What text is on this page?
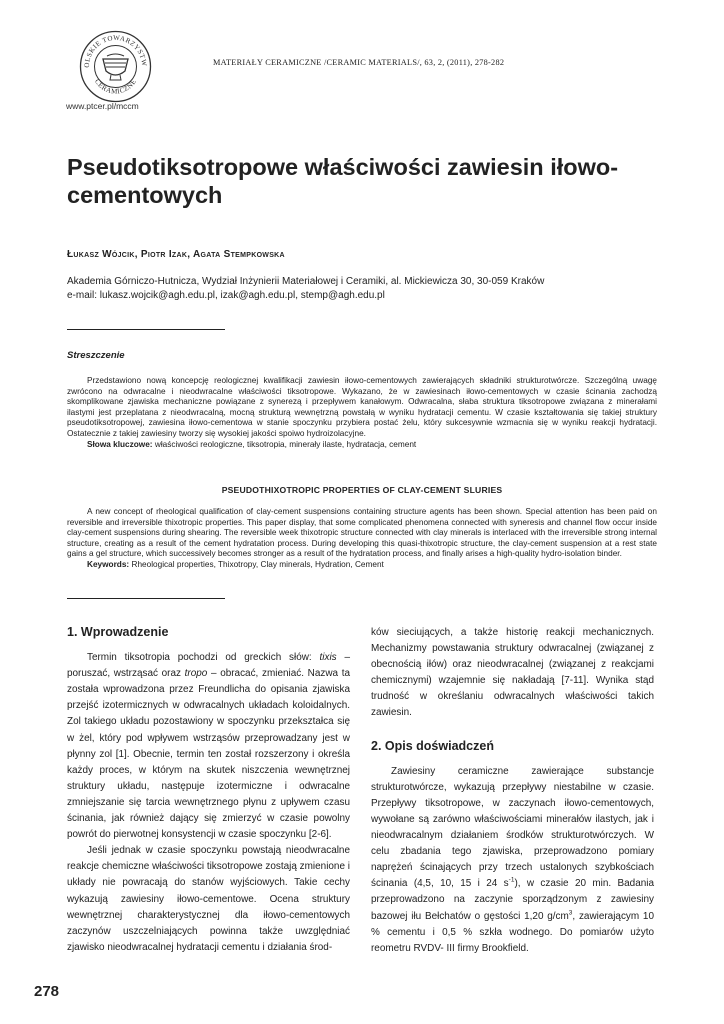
OLSKIE TOWARZYSTW
CERAMICZNE
www.ptcer.pl/mccm
MATERIAŁY CERAMICZNE /CERAMIC MATERIALS/, 63, 2, (2011), 278-282
Pseudotiksotropowe właściwości zawiesin iłowo-cementowych
Łukasz Wójcik, Piotr Izak, Agata Stempkowska
Akademia Górniczo-Hutnicza, Wydział Inżynierii Materiałowej i Ceramiki, al. Mickiewicza 30, 30-059 Kraków
e-mail: lukasz.wojcik@agh.edu.pl, izak@agh.edu.pl, stemp@agh.edu.pl
Streszczenie

Przedstawiono nową koncepcję reologicznej kwalifikacji zawiesin iłowo-cementowych zawierających składniki strukturotwórcze. Szczególną uwagę zwrócono na odwracalne i nieodwracalne właściwości tiksotropowe. Wykazano, że w zawiesinach iłowo-cementowych w czasie ścinania zachodzą skomplikowane zjawiska mechaniczne powiązane z synerezą i przepływem kanałowym. Odwracalna, słaba struktura tiksotropowe związana z minerałami ilastymi jest przeplatana z nieodwracalną, mocną strukturą wewnętrzną powstałą w wyniku hydratacji cementu. W czasie kształtowania się takiej struktury pseudotiksotropowej, zawiesina iłowo-cementowa w stanie spoczynku przybiera postać żelu, który sukcesywnie wzmacnia się w wyniku reakcji hydratacji. Ostatecznie z takiej zawiesiny tworzy się wysokiej jakości spoiwo hydroizolacyjne.

Słowa kluczowe: właściwości reologiczne, tiksotropia, minerały ilaste, hydratacja, cement
PSEUDOTHIXOTROPIC PROPERTIES OF CLAY-CEMENT SLURIES

A new concept of rheological qualification of clay-cement suspensions containing structure agents has been shown. Special attention has been paid on reversible and irreversible thixotropic properties. This paper display, that some complicated phenomena connected with syneresis and channel flow occur inside clay-cement suspensions during shearing. The reversible week thixotropic structure connected with clay minerals is interlaced with the irreversible strong internal structure, creating as a result of the cement hydratation process. During developing this quasi-thixotropic structure, the clay-cement suspension at a rest state gains a gel structure, which successively becomes stronger as a result of the hydratation process, and finally arises a high-quality hydro-isolation binder.

Keywords: Rheological properties, Thixotropy, Clay minerals, Hydration, Cement
1. Wprowadzenie

Termin tiksotropia pochodzi od greckich słów: tixis – poruszać, wstrząsać oraz tropo – obracać, zmieniać. Nazwa ta została wprowadzona przez Freundlicha do opisania zjawiska przejść izotermicznych w odwracalnych układach koloidalnych. Zol takiego układu pozostawiony w spoczynku przekształca się w żel, który pod wpływem wstrząsów przeprowadzany jest w płynny zol [1]. Obecnie, termin ten został rozszerzony i określa każdy proces, w którym na skutek niszczenia wewnętrznej struktury układu, następuje izotermiczne i odwracalne zmniejszanie się tarcia wewnętrznego płynu z upływem czasu ścinania, jak również dający się zmierzyć w czasie powolny powrót do pierwotnej konsystencji w czasie spoczynku [2-6].

Jeśli jednak w czasie spoczynku powstają nieodwracalne reakcje chemiczne właściwości tiksotropowe zostają zmienione i układy nie powracają do stanów wyjściowych. Takie cechy wykazują zawiesiny iłowo-cementowe. Ocena struktury wewnętrznej charakterystycznej dla iłowo-cementowych zaczynów uszczelniających powinna także uwzględniać zjawisko nieodwracalnej hydratacji cementu i działania środ-

ków sieciujących, a także historię reakcji mechanicznych. Mechanizmy powstawania struktury odwracalnej (związanej z obecnością iłów) oraz nieodwracalnej (związanej z reakcjami chemicznymi) wzajemnie się nakładają [7-11]. Wynika stąd trudność w określaniu odwracalnych właściwości takich zawiesin.

2. Opis doświadczeń

Zawiesiny ceramiczne zawierające substancje strukturotwórcze, wykazują przepływy niestabilne w czasie. Przepływy tiksotropowe, w zaczynach iłowo-cementowych, wywołane są zarówno właściwościami minerałów ilastych, jak i nieodwracalnym działaniem środków strukturotwórczych. W celu zbadania tego zjawiska, przeprowadzono pomiary naprężeń ścinających przy trzech ustalonych szybkościach ścinania (4,5, 10, 15 i 24 $s^{-1}$), w czasie 20 min. Badania przeprowadzono na zaczynie sporządzonym z zawiesiny bazowej iłu Bełchatów o gęstości 1,20 $g/cm^3$, zawierającym 10 % cementu i 0,5 % szkła wodnego. Do pomiarów użyto reometru RVDV- III firmy Brookfield.

278
